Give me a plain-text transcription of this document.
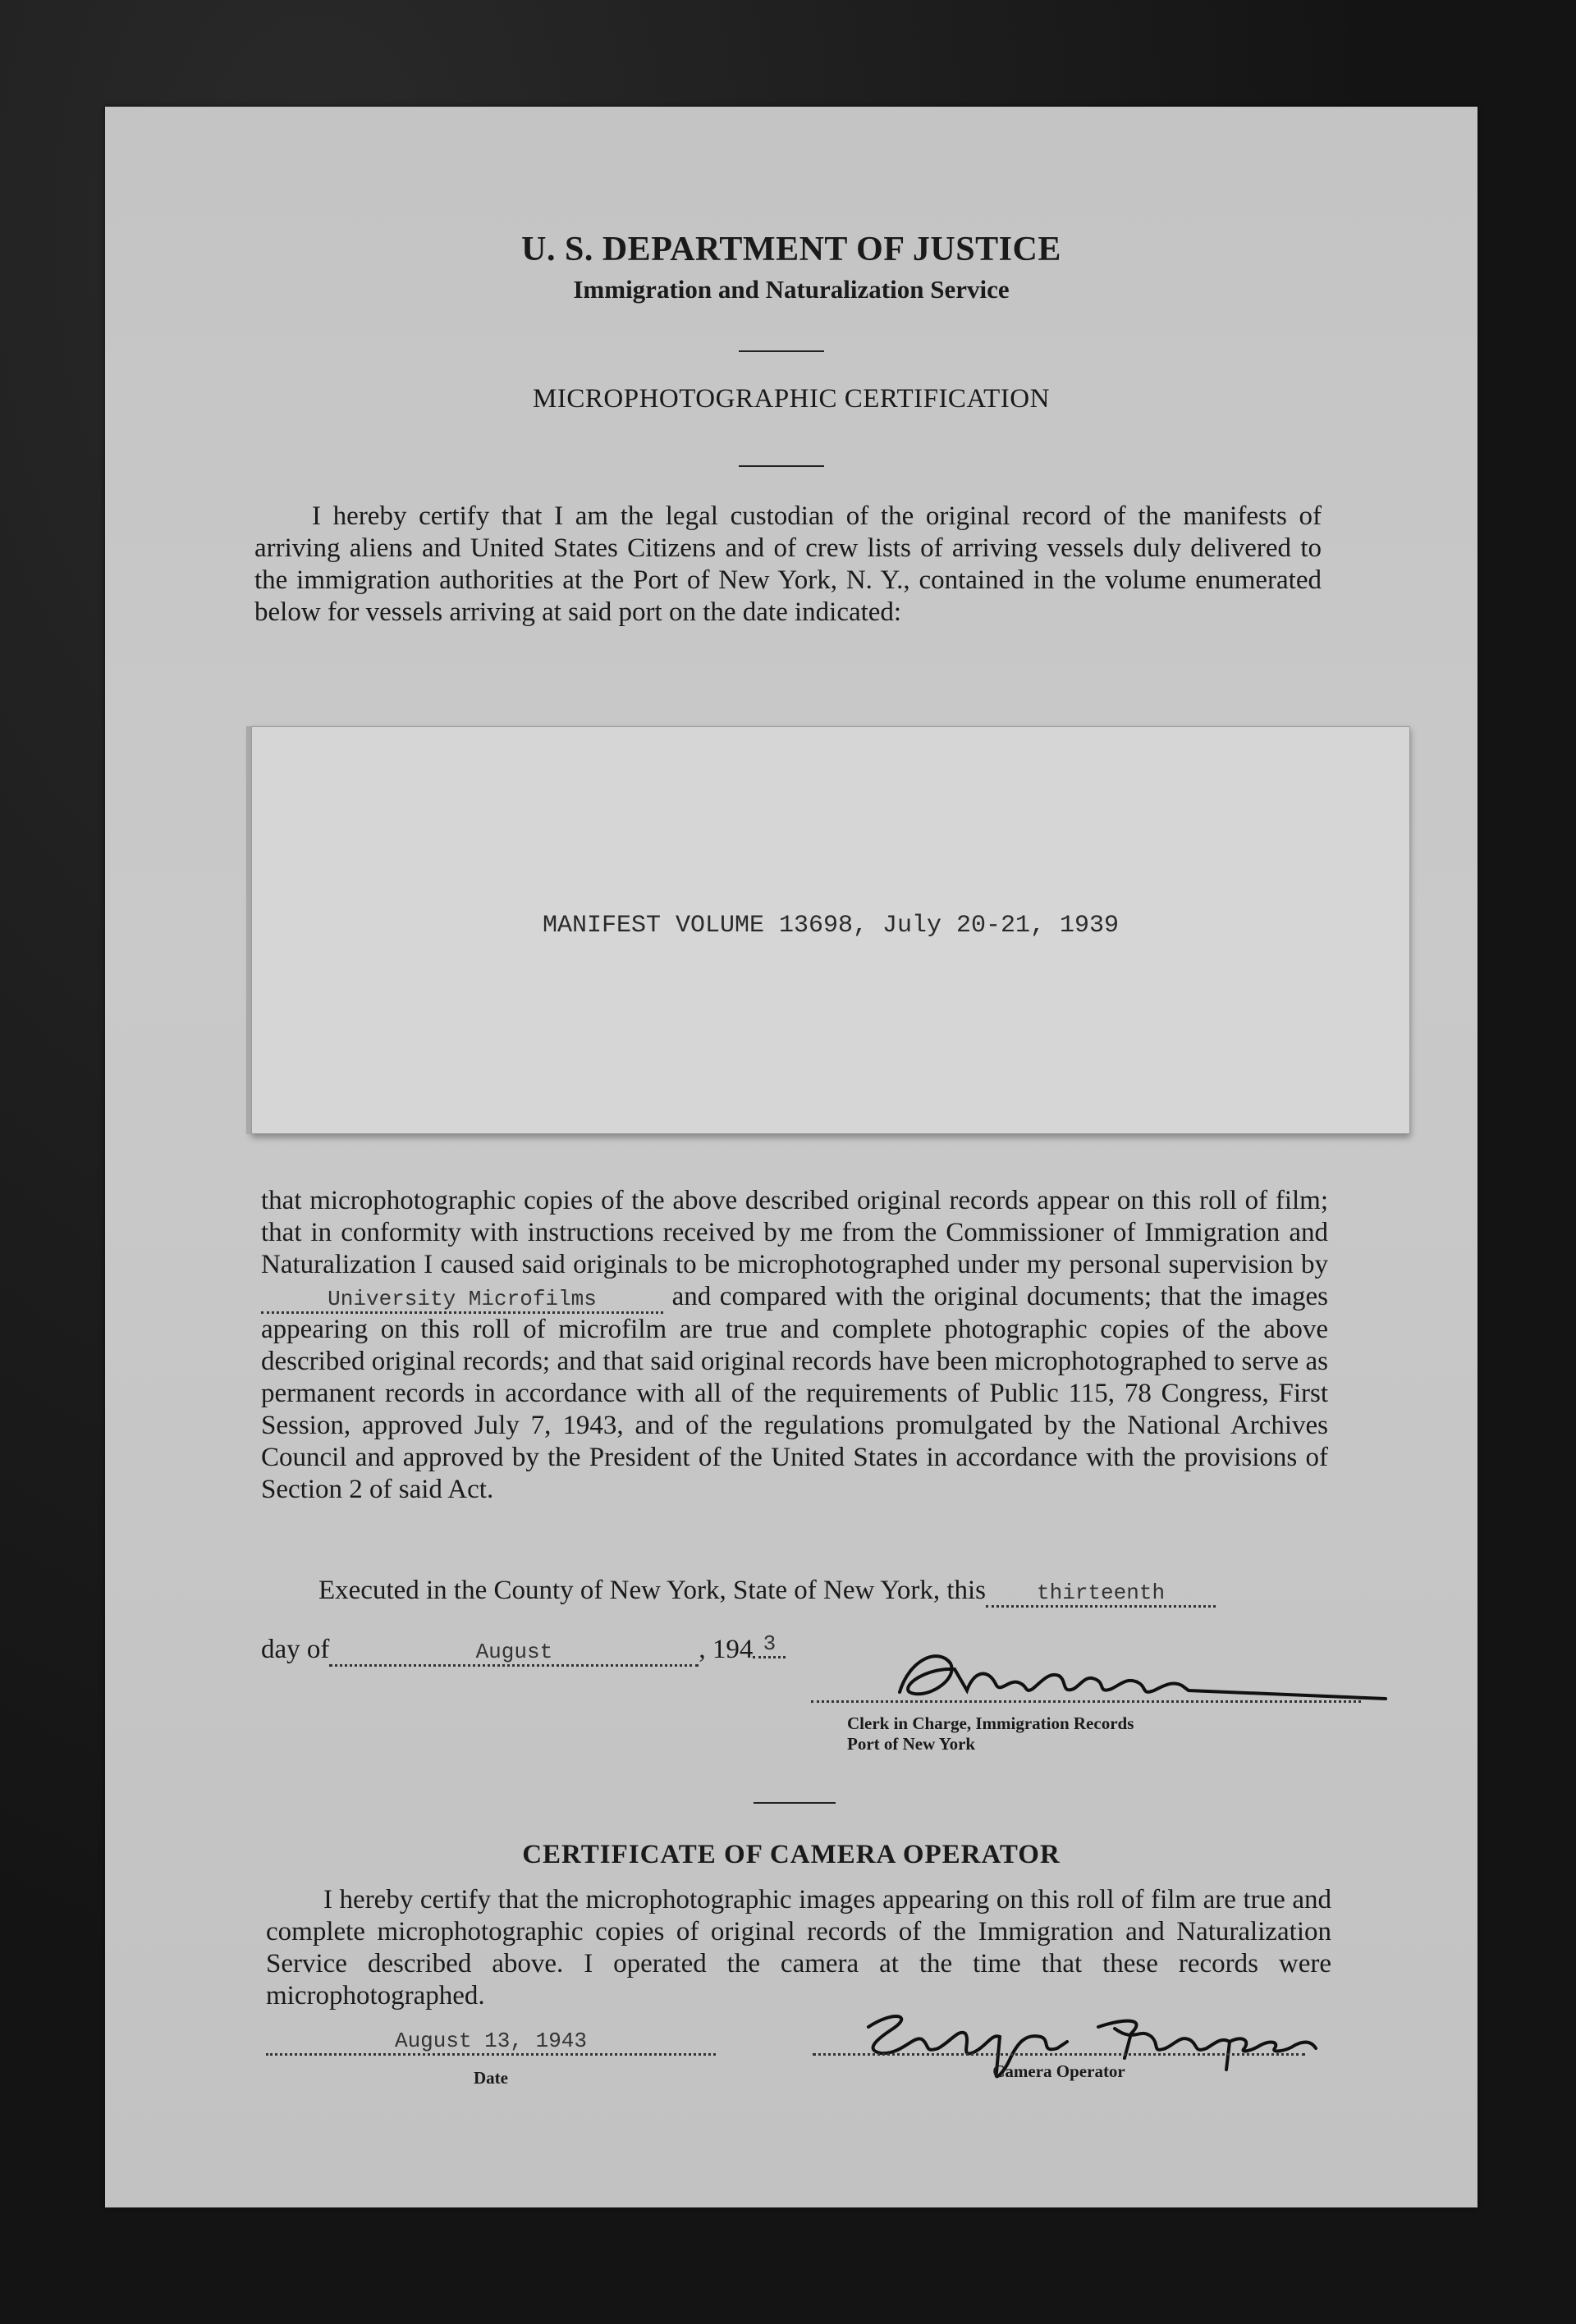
U. S. DEPARTMENT OF JUSTICE
Immigration and Naturalization Service
MICROPHOTOGRAPHIC CERTIFICATION
I hereby certify that I am the legal custodian of the original record of the manifests of arriving aliens and United States Citizens and of crew lists of arriving vessels duly delivered to the immigration authorities at the Port of New York, N. Y., contained in the volume enumerated below for vessels arriving at said port on the date indicated:
MANIFEST VOLUME 13698, July 20-21, 1939
that microphotographic copies of the above described original records appear on this roll of film; that in conformity with instructions received by me from the Commissioner of Immigration and Naturalization I caused said originals to be microphotographed under my personal supervision byUniversity Microfilms	and compared with the original documents; that the images appearing on this roll of microfilm are true and complete photographic copies of the above described original records; and that said original records have been microphotographed to serve as permanent records in accordance with all of the requirements of Public 115, 78 Congress, First Session, approved July 7, 1943, and of the regulations promulgated by the National Archives Council and approved by the President of the United States in accordance with the provisions of Section 2 of said Act.
Executed in the County of New York, State of New York, this thirteenth
day of	August	, 194 3
Clerk in Charge, Immigration Records
Port of New York
CERTIFICATE OF CAMERA OPERATOR
I hereby certify that the microphotographic images appearing on this roll of film are true and complete microphotographic copies of original records of the Immigration and Naturalization Service described above. I operated the camera at the time that these records were microphotographed.
August 13, 1943
Date	Camera Operator
